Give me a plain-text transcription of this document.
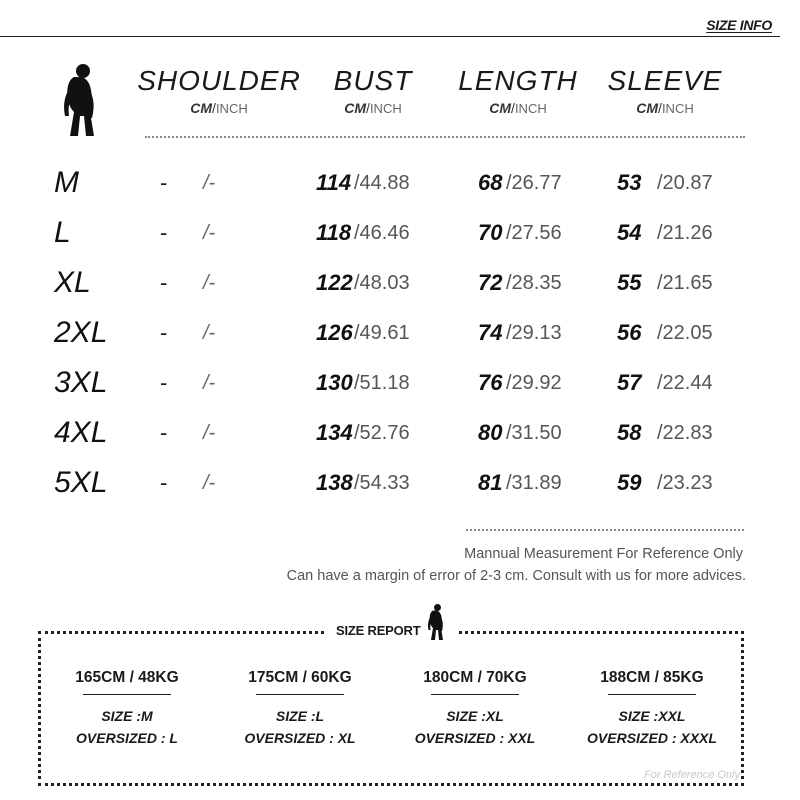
SIZE INFO
SHOULDER
CM/INCH
BUST
CM/INCH
LENGTH
CM/INCH
SLEEVE
CM/INCH
M	- /-	114 /44.88	68 /26.77	53 /20.87
L	- /-	118 /46.46	70 /27.56	54 /21.26
XL	- /-	122 /48.03	72 /28.35	55 /21.65
2XL - /-	126 /49.61	74 /29.13	56 /22.05
3XL - /-	130 /51.18	76 /29.92	57 /22.44
4XL - /-	134 /52.76	80 /31.50	58 /22.83
5XL - /-	138 /54.33	81 /31.89	59 /23.23
Mannual Measurement For Reference Only
Can have a margin of error of 2-3 cm. Consult with us for more advices.
SIZE REPORT
165CM / 48KG
SIZE :M
OVERSIZED : L
175CM / 60KG
SIZE :L
OVERSIZED : XL
180CM / 70KG
SIZE :XL
OVERSIZED : XXL
188CM / 85KG
SIZE :XXL
OVERSIZED : XXXL
For Reference Only
